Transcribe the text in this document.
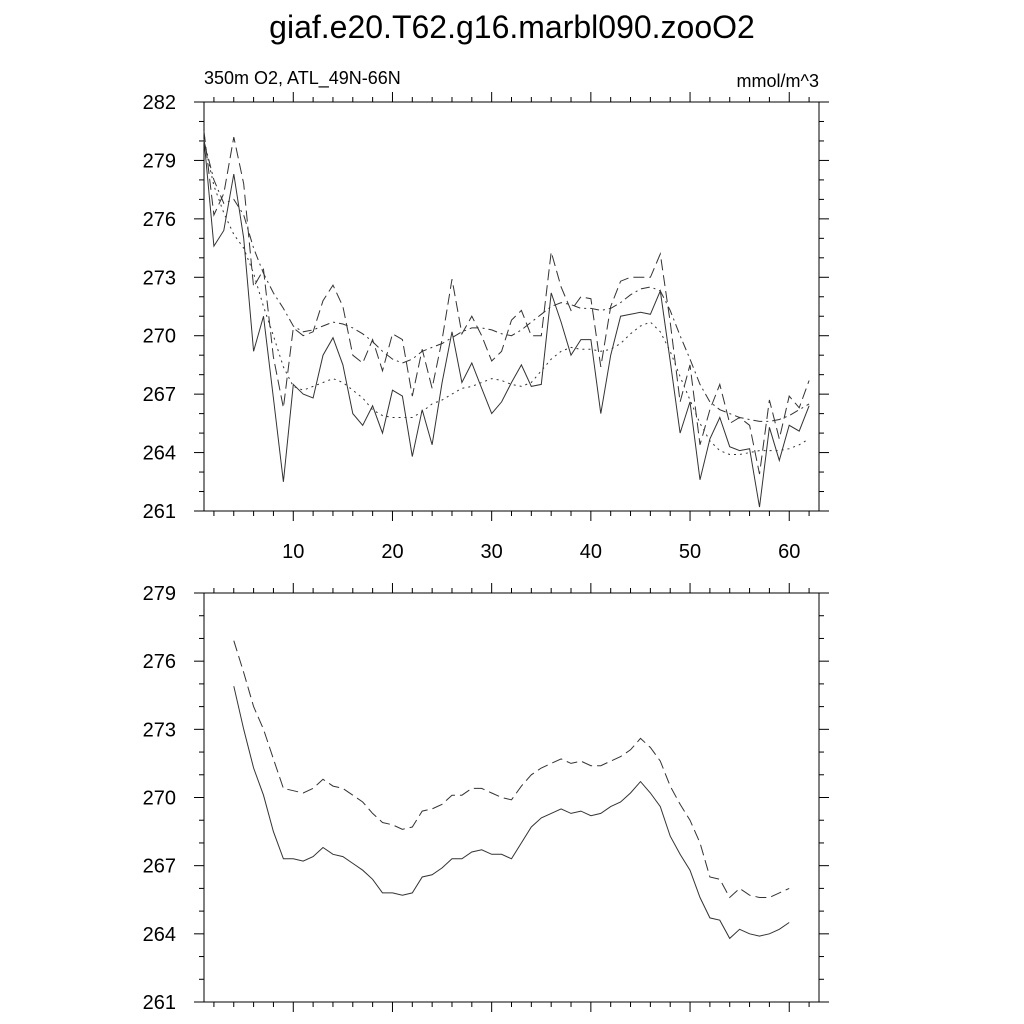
giaf.e20.T62.g16.marbl090.zooO2
350m O2, ATL_49N-66N	mmol/m^3
261
264
267
270
273
276
279
282
10	20	30	40	50	60
261
264
267
270
273
276
279
